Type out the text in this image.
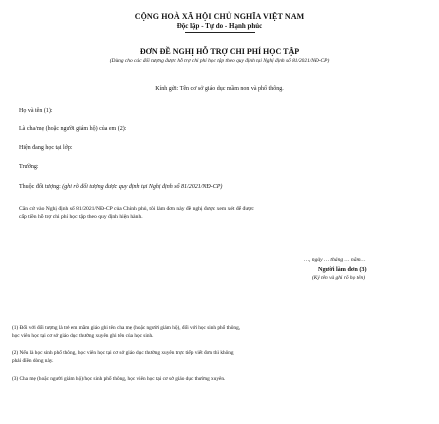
CỘNG HOÀ XÃ HỘI CHỦ NGHĨA VIỆT NAM
Độc lập - Tự do - Hạnh phúc
ĐƠN ĐỀ NGHỊ HỖ TRỢ CHI PHÍ HỌC TẬP
(Dùng cho các đối tượng được hỗ trợ chi phí học tập theo quy định tại Nghị định số 81/2021/NĐ-CP)
Kính gửi: Tên cơ sở giáo dục mầm non và phổ thông.
Họ và tên (1):
Là cha/mẹ (hoặc người giám hộ) của em (2):
Hiện đang học tại lớp:
Trường:
Thuộc đối tượng: (ghi rõ đối tượng được quy định tại Nghị định số 81/2021/NĐ-CP)
Căn cứ vào Nghị định số 81/2021/NĐ-CP của Chính phủ, tôi làm đơn này đề nghị được xem xét để được
cấp tiền hỗ trợ chi phí học tập theo quy định hiện hành.
…, ngày … tháng … năm…
Người làm đơn (3)
(Ký tên và ghi rõ họ tên)
(1) Đối với đối tượng là trẻ em mầm giáo ghi tên cha mẹ (hoặc người giám hộ), đối với học sinh phổ thông,
học viên học tại cơ sở giáo dục thường xuyên ghi tên của học sinh.
(2) Nếu là học sinh phổ thông, học viên học tại cơ sở giáo dục thường xuyên trực tiếp viết đơn thì không
phải điền dòng này.
(3) Cha mẹ (hoặc người giám hộ)/học sinh phổ thông, học viên học tại cơ sở giáo dục thường xuyên.
